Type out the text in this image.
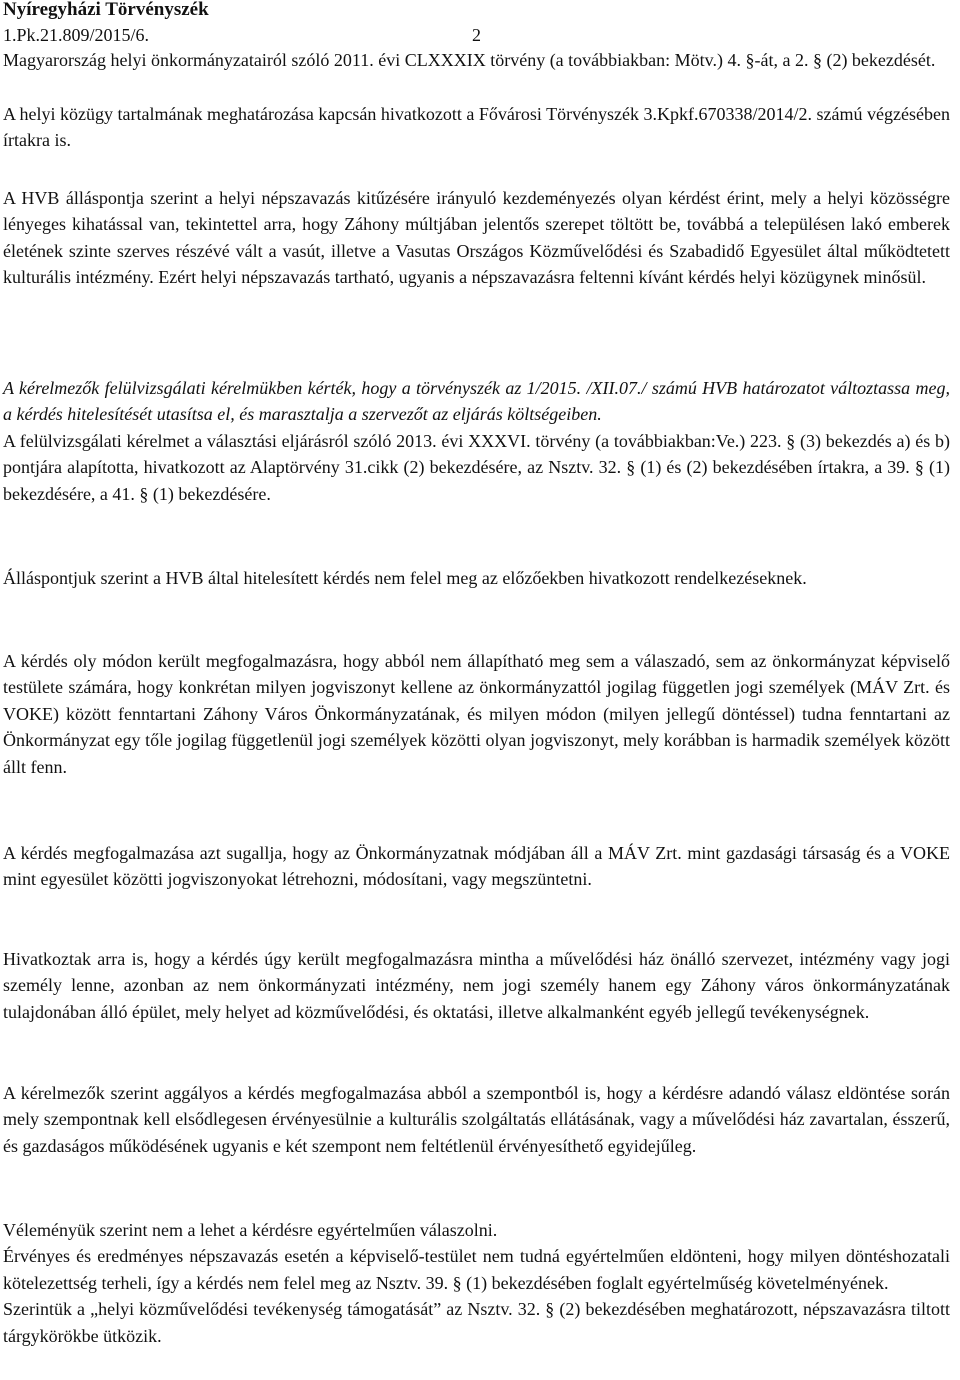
Nyíregyházi Törvényszék
1.Pk.21.809/2015/6.	2

Magyarország helyi önkormányzatairól szóló 2011. évi CLXXXIX törvény (a továbbiakban: Mötv.) 4. §-át, a 2. § (2) bekezdését.

A helyi közügy tartalmának meghatározása kapcsán hivatkozott a Fővárosi Törvényszék 3.Kpkf.670338/2014/2. számú végzésében írtakra is.

A HVB álláspontja szerint a helyi népszavazás kitűzésére irányuló kezdeményezés olyan kérdést érint, mely a helyi közösségre lényeges kihatással van, tekintettel arra, hogy Záhony múltjában jelentős szerepet töltött be, továbbá a településen lakó emberek életének szinte szerves részévé vált a vasút, illetve a Vasutas Országos Közművelődési és Szabadidő Egyesület által működtetett kulturális intézmény. Ezért helyi népszavazás tartható, ugyanis a népszavazásra feltenni kívánt kérdés helyi közügynek minősül.

A kérelmezők felülvizsgálati kérelmükben kérték, hogy a törvényszék az 1/2015. /XII.07./ számú HVB határozatot változtassa meg, a kérdés hitelesítését utasítsa el, és marasztalja a szervezőt az eljárás költségeiben.

A felülvizsgálati kérelmet a választási eljárásról szóló 2013. évi XXXVI. törvény (a továbbiakban:Ve.) 223. § (3) bekezdés a) és b) pontjára alapította, hivatkozott az Alaptörvény 31.cikk (2) bekezdésére, az Nsztv. 32. § (1) és (2) bekezdésében írtakra, a 39. § (1) bekezdésére, a 41. § (1) bekezdésére.

Álláspontjuk szerint a HVB által hitelesített kérdés nem felel meg az előzőekben hivatkozott rendelkezéseknek.

A kérdés oly módon került megfogalmazásra, hogy abból nem állapítható meg sem a válaszadó, sem az önkormányzat képviselő testülete számára, hogy konkrétan milyen jogviszonyt kellene az önkormányzattól jogilag független jogi személyek (MÁV Zrt. és VOKE) között fenntartani Záhony Város Önkormányzatának, és milyen módon (milyen jellegű döntéssel) tudna fenntartani az Önkormányzat egy tőle jogilag függetlenül jogi személyek közötti olyan jogviszonyt, mely korábban is harmadik személyek között állt fenn.

A kérdés megfogalmazása azt sugallja, hogy az Önkormányzatnak módjában áll a MÁV Zrt. mint gazdasági társaság és a VOKE mint egyesület közötti jogviszonyokat létrehozni, módosítani, vagy megszüntetni.

Hivatkoztak arra is, hogy a kérdés úgy került megfogalmazásra mintha a művelődési ház önálló szervezet, intézmény vagy jogi személy lenne, azonban az nem önkormányzati intézmény, nem jogi személy hanem egy Záhony város önkormányzatának tulajdonában álló épület, mely helyet ad közművelődési, és oktatási, illetve alkalmanként egyéb jellegű tevékenységnek.

A kérelmezők szerint aggályos a kérdés megfogalmazása abból a szempontból is, hogy a kérdésre adandó válasz eldöntése során mely szempontnak kell elsődlegesen érvényesülnie a kulturális szolgáltatás ellátásának, vagy a művelődési ház zavartalan, ésszerű, és gazdaságos működésének ugyanis e két szempont nem feltétlenül érvényesíthető egyidejűleg.

Véleményük szerint nem a lehet a kérdésre egyértelműen válaszolni.

Érvényes és eredményes népszavazás esetén a képviselő-testület nem tudná egyértelműen eldönteni, hogy milyen döntéshozatali kötelezettség terheli, így a kérdés nem felel meg az Nsztv. 39. § (1) bekezdésében foglalt egyértelműség követelményének.

Szerintük a „helyi közművelődési tevékenység támogatását” az Nsztv. 32. § (2) bekezdésében meghatározott, népszavazásra tiltott tárgykörökbe ütközik.
